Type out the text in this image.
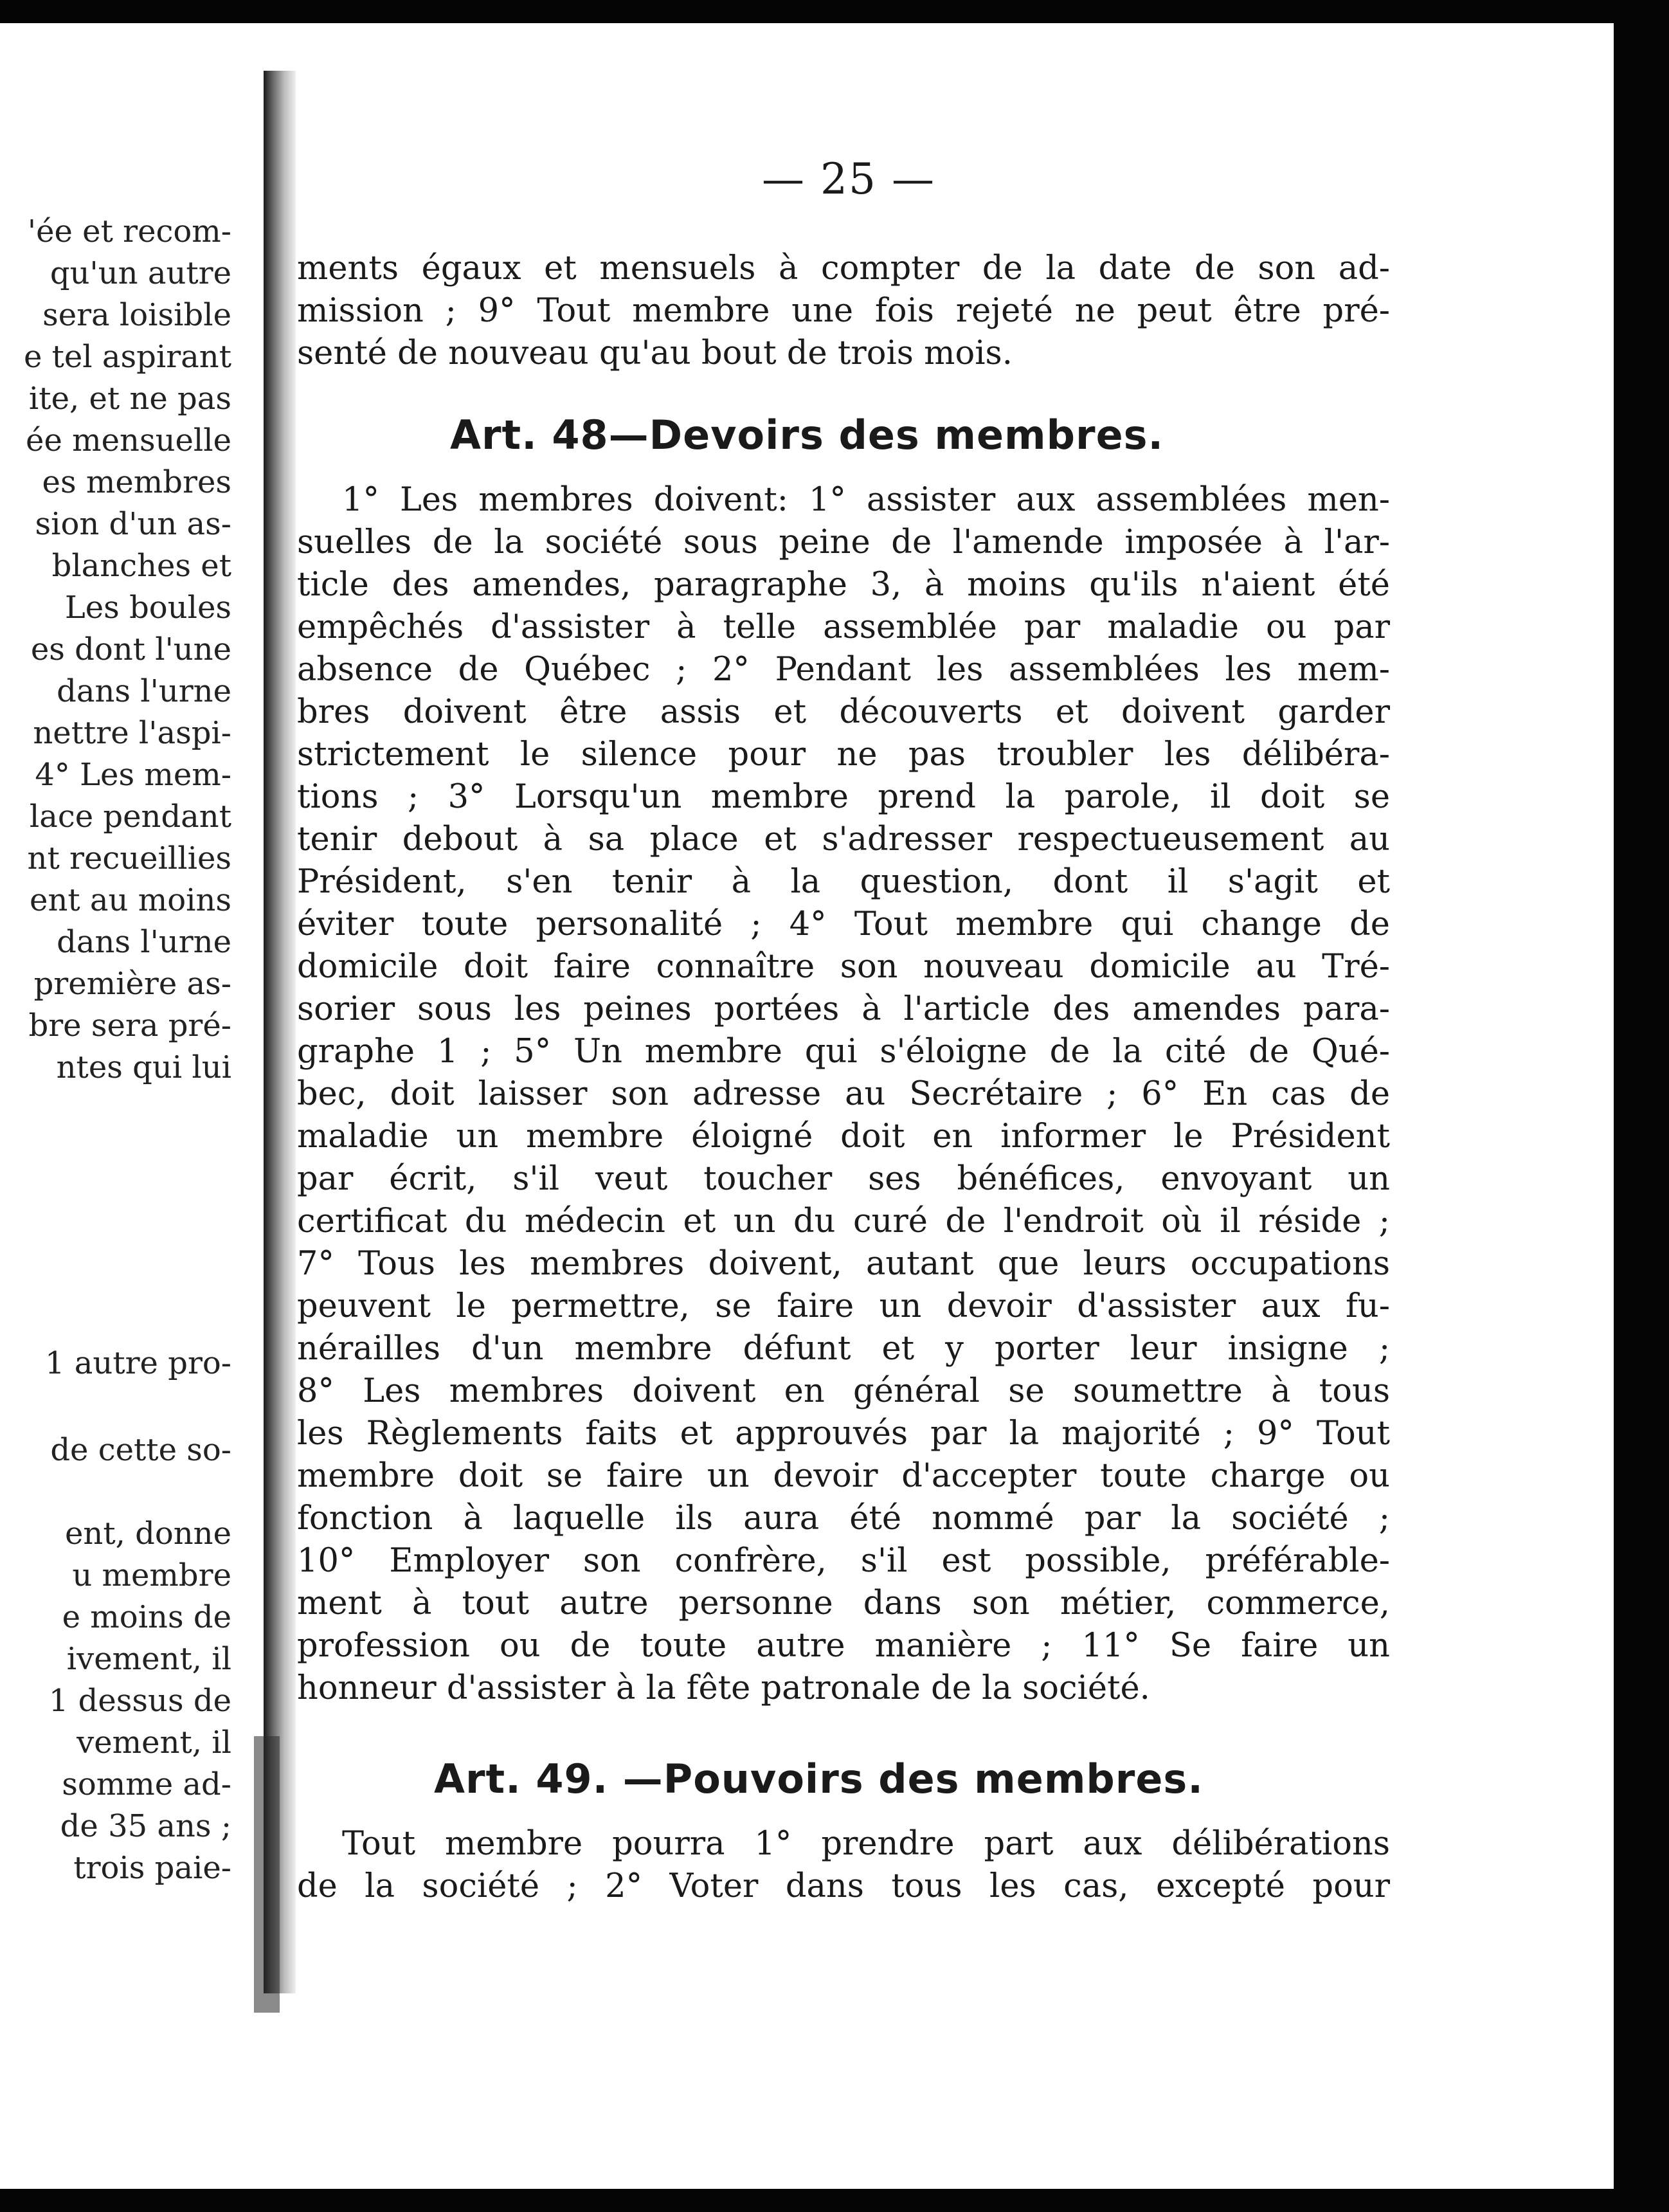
'ée et recom-
qu'un autre
sera loisible
e tel aspirant
ite, et ne pas
ée mensuelle
es membres
sion d'un as-
blanches et
Les boules
es dont l'une
dans l'urne
nettre l'aspi-
4° Les mem-
lace pendant
nt recueillies
ent au moins
dans l'urne
première as-
bre sera pré-
ntes qui lui
1 autre pro-
de cette so-
ent, donne
u membre
e moins de
ivement, il
1 dessus de
vement, il
somme ad-
de 35 ans ;
trois paie-
— 25 —
ments égaux et mensuels à compter de la date de son ad-
mission ; 9° Tout membre une fois rejeté ne peut être pré-
senté de nouveau qu'au bout de trois mois.
Art. 48—Devoirs des membres.
1° Les membres doivent: 1° assister aux assemblées men-
suelles de la société sous peine de l'amende imposée à l'ar-
ticle des amendes, paragraphe 3, à moins qu'ils n'aient été
empêchés d'assister à telle assemblée par maladie ou par
absence de Québec ; 2° Pendant les assemblées les mem-
bres doivent être assis et découverts et doivent garder
strictement le silence pour ne pas troubler les délibéra-
tions ; 3° Lorsqu'un membre prend la parole, il doit se
tenir debout à sa place et s'adresser respectueusement au
Président, s'en tenir à la question, dont il s'agit et
éviter toute personalité ; 4° Tout membre qui change de
domicile doit faire connaître son nouveau domicile au Tré-
sorier sous les peines portées à l'article des amendes para-
graphe 1 ; 5° Un membre qui s'éloigne de la cité de Qué-
bec, doit laisser son adresse au Secrétaire ; 6° En cas de
maladie un membre éloigné doit en informer le Président
par écrit, s'il veut toucher ses bénéfices, envoyant un
certificat du médecin et un du curé de l'endroit où il réside ;
7° Tous les membres doivent, autant que leurs occupations
peuvent le permettre, se faire un devoir d'assister aux fu-
nérailles d'un membre défunt et y porter leur insigne ;
8° Les membres doivent en général se soumettre à tous
les Règlements faits et approuvés par la majorité ; 9° Tout
membre doit se faire un devoir d'accepter toute charge ou
fonction à laquelle ils aura été nommé par la société ;
10° Employer son confrère, s'il est possible, préférable-
ment à tout autre personne dans son métier, commerce,
profession ou de toute autre manière ; 11° Se faire un
honneur d'assister à la fête patronale de la société.
Art. 49. —Pouvoirs des membres.
Tout membre pourra 1° prendre part aux délibérations
de la société ; 2° Voter dans tous les cas, excepté pour
